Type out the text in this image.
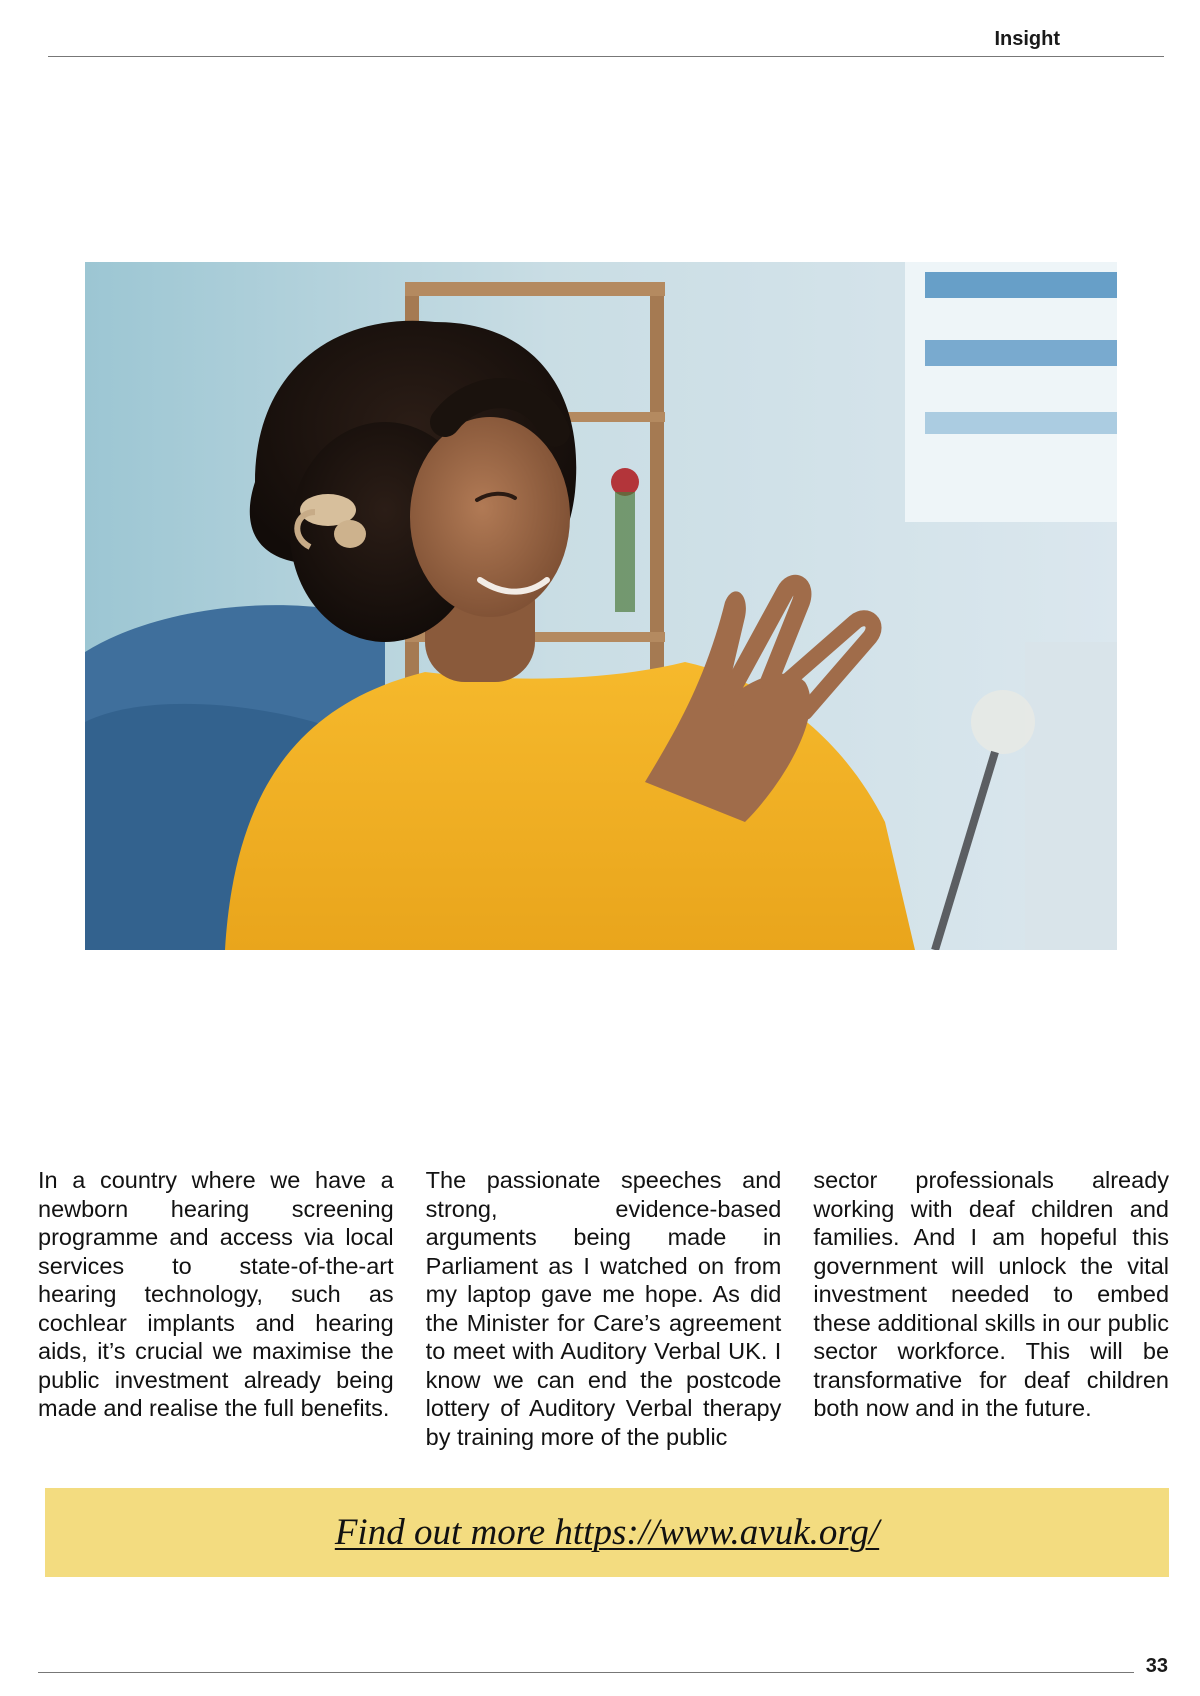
Insight
In a country where we have a newborn hearing screening programme and access via local services to state-of-the-art hearing technology, such as cochlear implants and hearing aids, it’s crucial we maximise the public investment already being made and realise the full benefits.
The passionate speeches and strong, evidence-based arguments being made in Parliament as I watched on from my laptop gave me hope. As did the Minister for Care’s agreement to meet with Auditory Verbal UK. I know we can end the postcode lottery of Auditory Verbal therapy by training more of the public
sector professionals already working with deaf children and families. And I am hopeful this government will unlock the vital investment needed to embed these additional skills in our public sector workforce. This will be transformative for deaf children both now and in the future.
Find out more https://www.avuk.org/
33
